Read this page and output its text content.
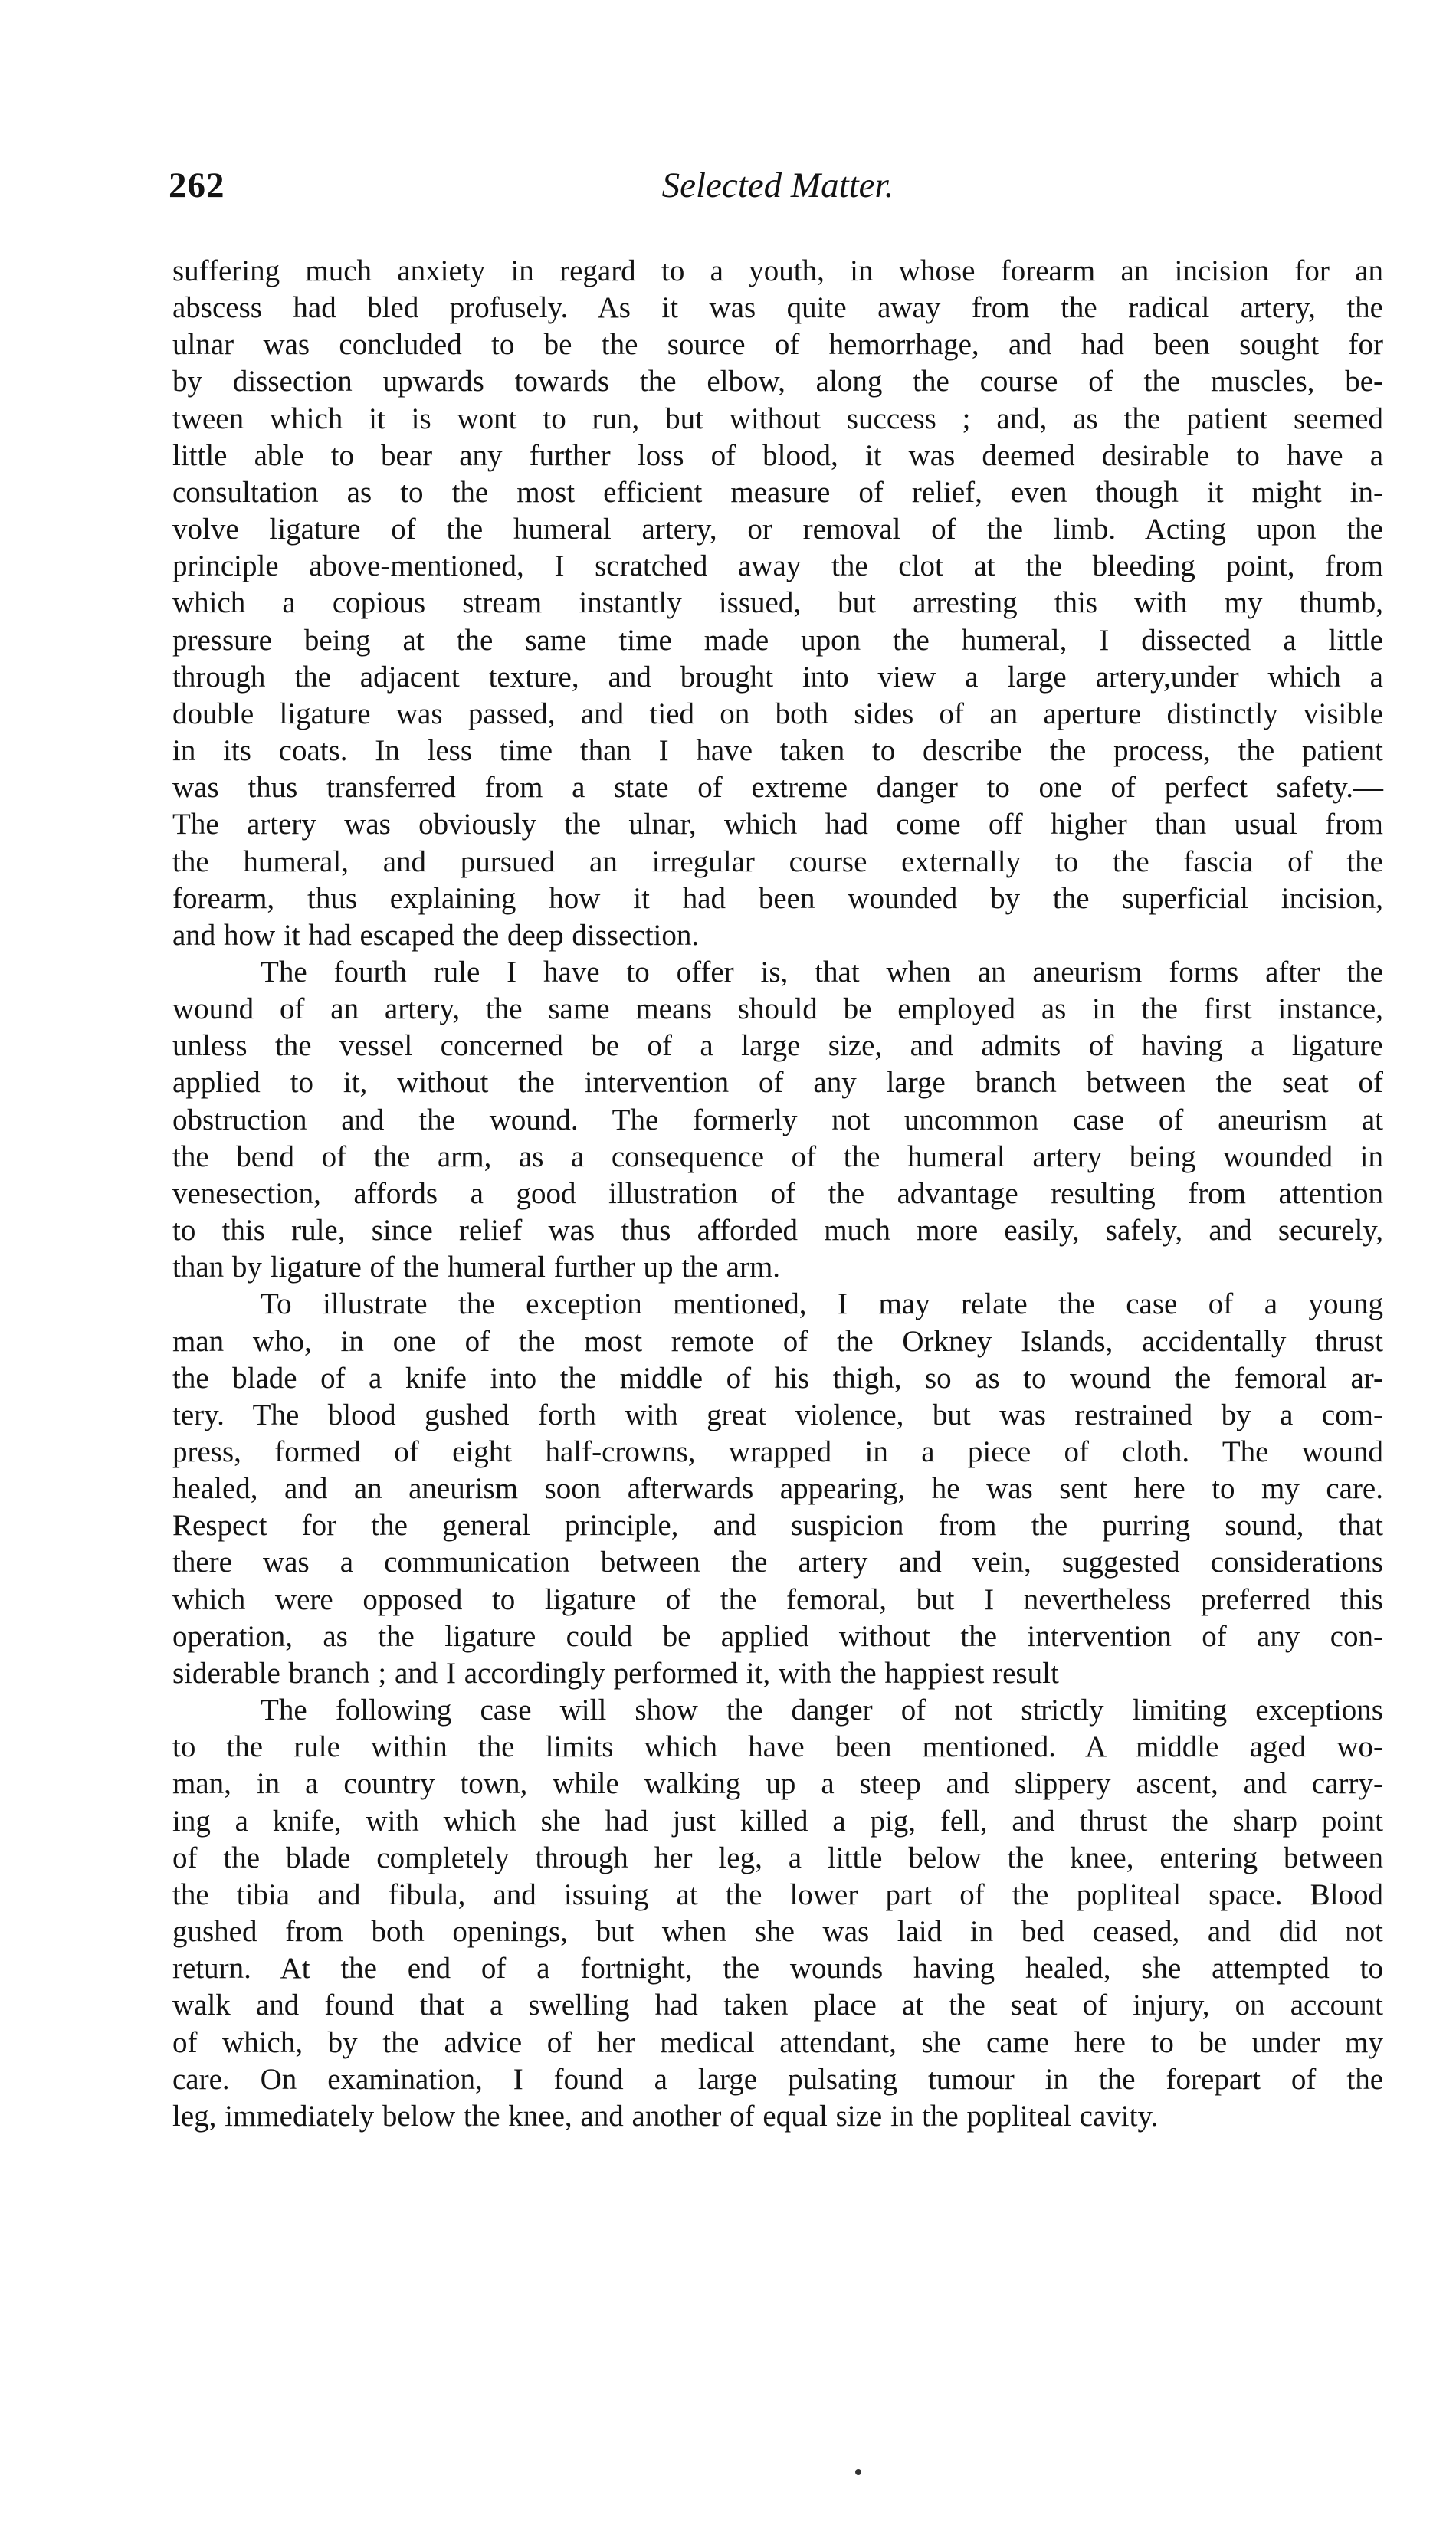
262	Selected Matter.
suffering much anxiety in regard to a youth, in whose forearm an incision for an
abscess had bled profusely. As it was quite away from the radical artery, the
ulnar was concluded to be the source of hemorrhage, and had been sought for
by dissection upwards towards the elbow, along the course of the muscles, be-
tween which it is wont to run, but without success ; and, as the patient seemed
little able to bear any further loss of blood, it was deemed desirable to have a
consultation as to the most efficient measure of relief, even though it might in-
volve ligature of the humeral artery, or removal of the limb. Acting upon the
principle above-mentioned, I scratched away the clot at the bleeding point, from
which a copious stream instantly issued, but arresting this with my thumb,
pressure being at the same time made upon the humeral, I dissected a little
through the adjacent texture, and brought into view a large artery,under which a
double ligature was passed, and tied on both sides of an aperture distinctly visible
in its coats. In less time than I have taken to describe the process, the patient
was thus transferred from a state of extreme danger to one of perfect safety.—
The artery was obviously the ulnar, which had come off higher than usual from
the humeral, and pursued an irregular course externally to the fascia of the
forearm, thus explaining how it had been wounded by the superficial incision,
and how it had escaped the deep dissection.
The fourth rule I have to offer is, that when an aneurism forms after the
wound of an artery, the same means should be employed as in the first instance,
unless the vessel concerned be of a large size, and admits of having a ligature
applied to it, without the intervention of any large branch between the seat of
obstruction and the wound. The formerly not uncommon case of aneurism at
the bend of the arm, as a consequence of the humeral artery being wounded in
venesection, affords a good illustration of the advantage resulting from attention
to this rule, since relief was thus afforded much more easily, safely, and securely,
than by ligature of the humeral further up the arm.
To illustrate the exception mentioned, I may relate the case of a young
man who, in one of the most remote of the Orkney Islands, accidentally thrust
the blade of a knife into the middle of his thigh, so as to wound the femoral ar-
tery. The blood gushed forth with great violence, but was restrained by a com-
press, formed of eight half-crowns, wrapped in a piece of cloth. The wound
healed, and an aneurism soon afterwards appearing, he was sent here to my care.
Respect for the general principle, and suspicion from the purring sound, that
there was a communication between the artery and vein, suggested considerations
which were opposed to ligature of the femoral, but I nevertheless preferred this
operation, as the ligature could be applied without the intervention of any con-
siderable branch ; and I accordingly performed it, with the happiest result
The following case will show the danger of not strictly limiting exceptions
to the rule within the limits which have been mentioned. A middle aged wo-
man, in a country town, while walking up a steep and slippery ascent, and carry-
ing a knife, with which she had just killed a pig, fell, and thrust the sharp point
of the blade completely through her leg, a little below the knee, entering between
the tibia and fibula, and issuing at the lower part of the popliteal space. Blood
gushed from both openings, but when she was laid in bed ceased, and did not
return. At the end of a fortnight, the wounds having healed, she attempted to
walk and found that a swelling had taken place at the seat of injury, on account
of which, by the advice of her medical attendant, she came here to be under my
care. On examination, I found a large pulsating tumour in the forepart of the
leg, immediately below the knee, and another of equal size in the popliteal cavity.
